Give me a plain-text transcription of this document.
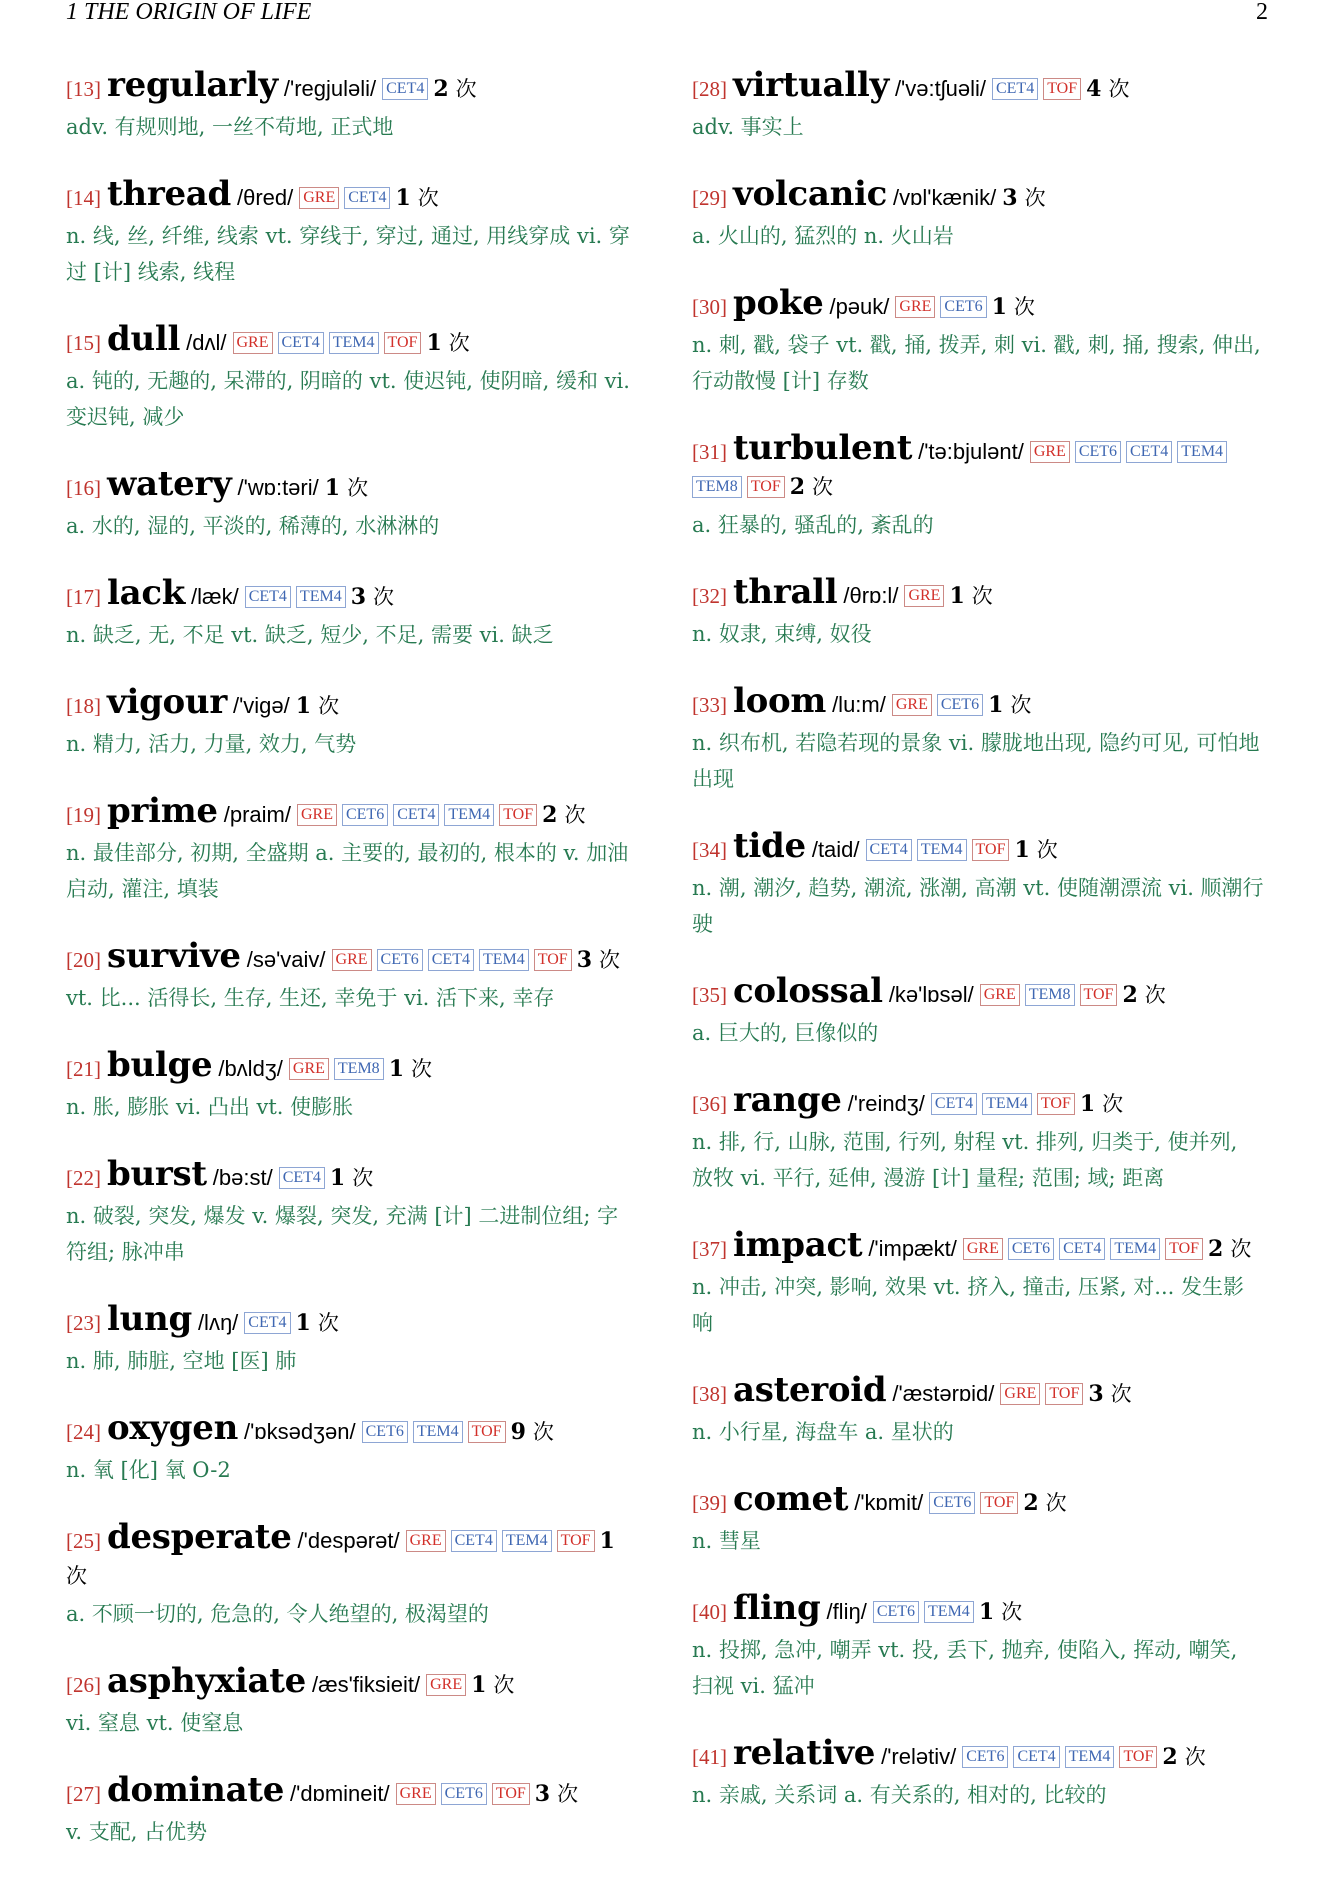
1 THE ORIGIN OF LIFE	2
[13] regularly /'regjuləli/ CET4 2 次
adv. 有规则地, 一丝不苟地, 正式地
[14] thread /θred/ GRE CET4 1 次
n. 线, 丝, 纤维, 线索 vt. 穿线于, 穿过, 通过, 用线穿成 vi. 穿过 [计] 线索, 线程
[15] dull /dʌl/ GRE CET4 TEM4 TOF 1 次
a. 钝的, 无趣的, 呆滞的, 阴暗的 vt. 使迟钝, 使阴暗, 缓和 vi. 变迟钝, 减少
[16] watery /'wɒ:təri/ 1 次
a. 水的, 湿的, 平淡的, 稀薄的, 水淋淋的
[17] lack /læk/ CET4 TEM4 3 次
n. 缺乏, 无, 不足 vt. 缺乏, 短少, 不足, 需要 vi. 缺乏
[18] vigour /'vigə/ 1 次
n. 精力, 活力, 力量, 效力, 气势
[19] prime /praim/ GRE CET6 CET4 TEM4 TOF 2 次
n. 最佳部分, 初期, 全盛期 a. 主要的, 最初的, 根本的 v. 加油启动, 灌注, 填装
[20] survive /sə'vaiv/ GRE CET6 CET4 TEM4 TOF 3 次
vt. 比... 活得长, 生存, 生还, 幸免于 vi. 活下来, 幸存
[21] bulge /bʌldʒ/ GRE TEM8 1 次
n. 胀, 膨胀 vi. 凸出 vt. 使膨胀
[22] burst /bə:st/ CET4 1 次
n. 破裂, 突发, 爆发 v. 爆裂, 突发, 充满 [计] 二进制位组; 字符组; 脉冲串
[23] lung /lʌŋ/ CET4 1 次
n. 肺, 肺脏, 空地 [医] 肺
[24] oxygen /'ɒksədʒən/ CET6 TEM4 TOF 9 次
n. 氧 [化] 氧 O-2
[25] desperate /'despərət/ GRE CET4 TEM4 TOF 1 次
a. 不顾一切的, 危急的, 令人绝望的, 极渴望的
[26] asphyxiate /æs'fiksieit/ GRE 1 次
vi. 窒息 vt. 使窒息
[27] dominate /'dɒmineit/ GRE CET6 TOF 3 次
v. 支配, 占优势
[28] virtually /'və:tʃuəli/ CET4 TOF 4 次
adv. 事实上
[29] volcanic /vɒl'kænik/ 3 次
a. 火山的, 猛烈的 n. 火山岩
[30] poke /pəuk/ GRE CET6 1 次
n. 刺, 戳, 袋子 vt. 戳, 捅, 拨弄, 刺 vi. 戳, 刺, 捅, 搜索, 伸出, 行动散慢 [计] 存数
[31] turbulent /'tə:bjulənt/ GRE CET6 CET4 TEM4TEM8 TOF 2 次
a. 狂暴的, 骚乱的, 紊乱的
[32] thrall /θrɒ:l/ GRE 1 次
n. 奴隶, 束缚, 奴役
[33] loom /lu:m/ GRE CET6 1 次
n. 织布机, 若隐若现的景象 vi. 朦胧地出现, 隐约可见, 可怕地出现
[34] tide /taid/ CET4 TEM4 TOF 1 次
n. 潮, 潮汐, 趋势, 潮流, 涨潮, 高潮 vt. 使随潮漂流 vi. 顺潮行驶
[35] colossal /kə'lɒsəl/ GRE TEM8 TOF 2 次
a. 巨大的, 巨像似的
[36] range /'reindʒ/ CET4 TEM4 TOF 1 次
n. 排, 行, 山脉, 范围, 行列, 射程 vt. 排列, 归类于, 使并列, 放牧 vi. 平行, 延伸, 漫游 [计] 量程; 范围; 域; 距离
[37] impact /'impækt/ GRE CET6 CET4 TEM4 TOF 2 次
n. 冲击, 冲突, 影响, 效果 vt. 挤入, 撞击, 压紧, 对... 发生影响
[38] asteroid /'æstərɒid/ GRE TOF 3 次
n. 小行星, 海盘车 a. 星状的
[39] comet /'kɒmit/ CET6 TOF 2 次
n. 彗星
[40] fling /fliŋ/ CET6 TEM4 1 次
n. 投掷, 急冲, 嘲弄 vt. 投, 丢下, 抛弃, 使陷入, 挥动, 嘲笑, 扫视 vi. 猛冲
[41] relative /'relətiv/ CET6 CET4 TEM4 TOF 2 次
n. 亲戚, 关系词 a. 有关系的, 相对的, 比较的
